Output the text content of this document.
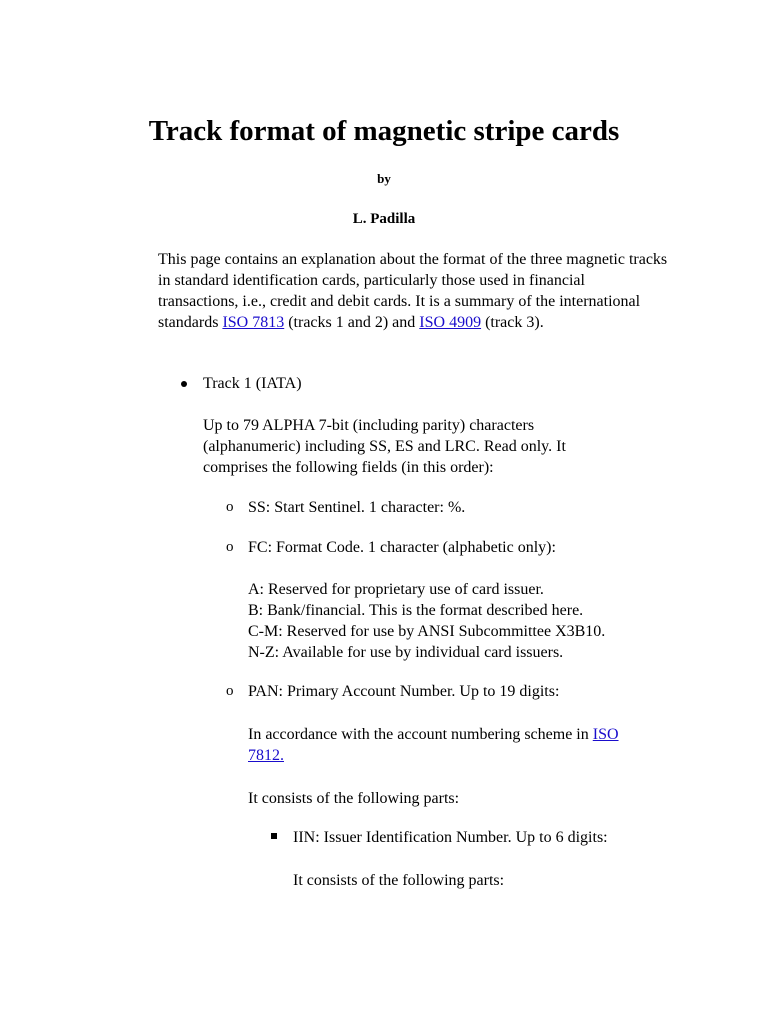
Track format of magnetic stripe cards
by
L. Padilla

This page contains an explanation about the format of the three magnetic tracks in standard identification cards, particularly those used in financial transactions, i.e., credit and debit cards. It is a summary of the international standards ISO 7813 (tracks 1 and 2) and ISO 4909 (track 3).

Track 1 (IATA)

Up to 79 ALPHA 7-bit (including parity) characters (alphanumeric) including SS, ES and LRC. Read only. It comprises the following fields (in this order):

o SS: Start Sentinel. 1 character: %.
o FC: Format Code. 1 character (alphabetic only):
A: Reserved for proprietary use of card issuer.
B: Bank/financial. This is the format described here.
C-M: Reserved for use by ANSI Subcommittee X3B10.
N-Z: Available for use by individual card issuers.
o PAN: Primary Account Number. Up to 19 digits:

In accordance with the account numbering scheme in ISO 7812.

It consists of the following parts:
IIN: Issuer Identification Number. Up to 6 digits:
It consists of the following parts:
